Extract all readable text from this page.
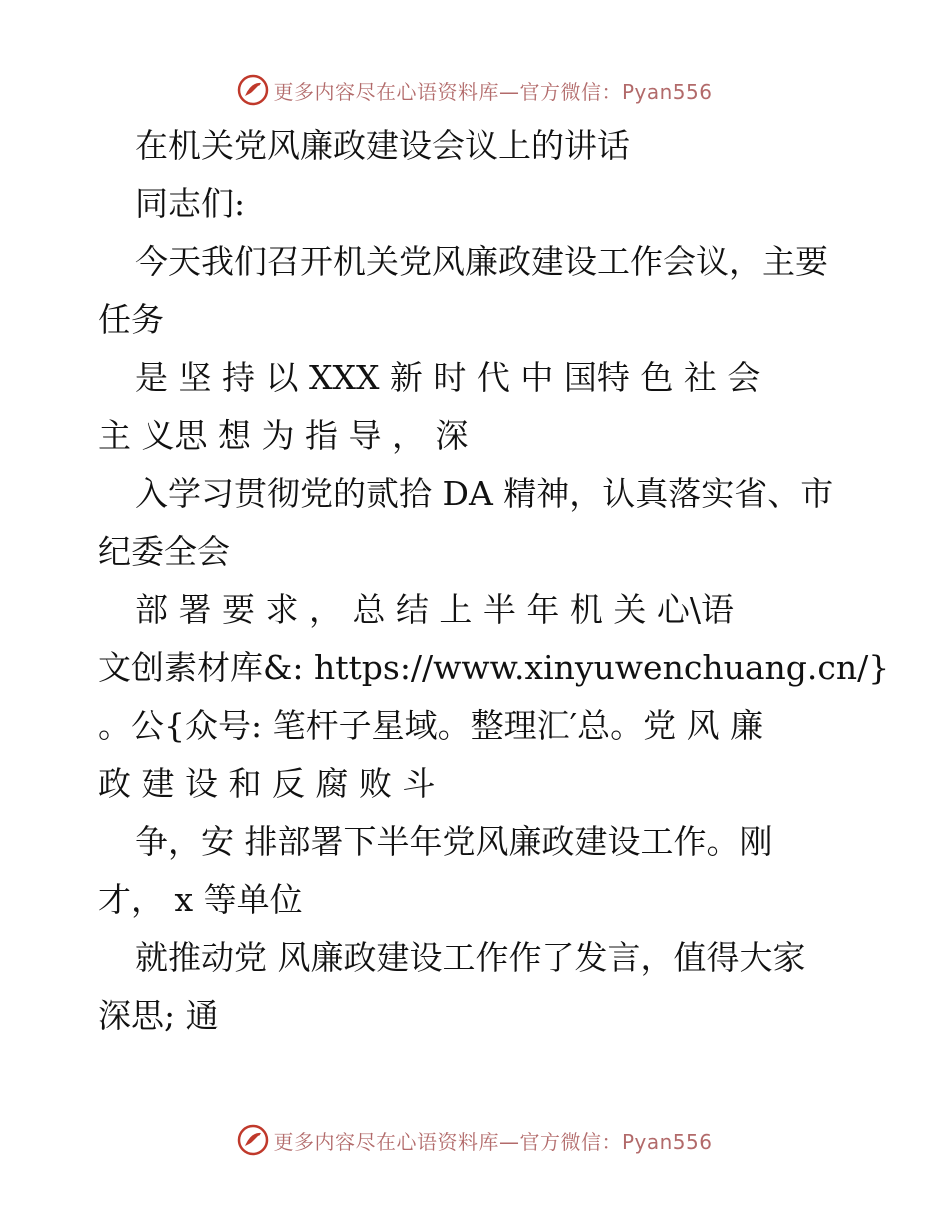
更多内容尽在心语资料库—官方微信：Pyan556

在机关党风廉政建设会议上的讲话

同志们:

今天我们召开机关党风廉政建设工作会议，主要

任务

是 坚 持 以 XXX 新 时 代 中 国特 色 社 会

主 义思 想 为 指 导 ， 深

入学习贯彻党的贰拾 DA 精神，认真落实省、市

纪委全会

部 署 要 求 ， 总 结 上 半 年 机 关 心\语

文创素材库&: https://www.xinyuwenchuang.cn/}

。公{众号: 笔杆子星域。整理汇′总。党 风 廉

政 建 设 和 反 腐 败 斗

争，安 排部署下半年党风廉政建设工作。刚

才， x 等单位

就推动党 风廉政建设工作作了发言，值得大家

深思; 通

更多内容尽在心语资料库—官方微信：Pyan556
